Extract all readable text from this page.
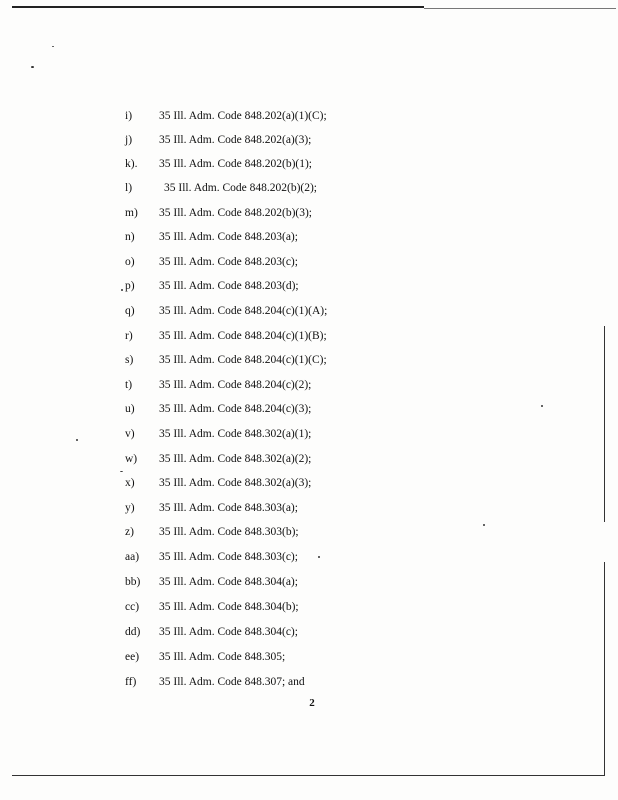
i)	35 Ill. Adm. Code 848.202(a)(1)(C);
j)	35 Ill. Adm. Code 848.202(a)(3);
k).	35 Ill. Adm. Code 848.202(b)(1);
l)	35 Ill. Adm. Code 848.202(b)(2);
m)	35 Ill. Adm. Code 848.202(b)(3);
n)	35 Ill. Adm. Code 848.203(a);
o)	35 Ill. Adm. Code 848.203(c);
p)	35 Ill. Adm. Code 848.203(d);
q)	35 Ill. Adm. Code 848.204(c)(1)(A);
r)	35 Ill. Adm. Code 848.204(c)(1)(B);
s)	35 Ill. Adm. Code 848.204(c)(1)(C);
t)	35 Ill. Adm. Code 848.204(c)(2);
u)	35 Ill. Adm. Code 848.204(c)(3);
v)	35 Ill. Adm. Code 848.302(a)(1);
w)	35 Ill. Adm. Code 848.302(a)(2);
x)	35 Ill. Adm. Code 848.302(a)(3);
y)	35 Ill. Adm. Code 848.303(a);
z)	35 Ill. Adm. Code 848.303(b);
aa)	35 Ill. Adm. Code 848.303(c);
bb)	35 Ill. Adm. Code 848.304(a);
cc)	35 Ill. Adm. Code 848.304(b);
dd)	35 Ill. Adm. Code 848.304(c);
ee)	35 Ill. Adm. Code 848.305;
ff)	35 Ill. Adm. Code 848.307; and
2
